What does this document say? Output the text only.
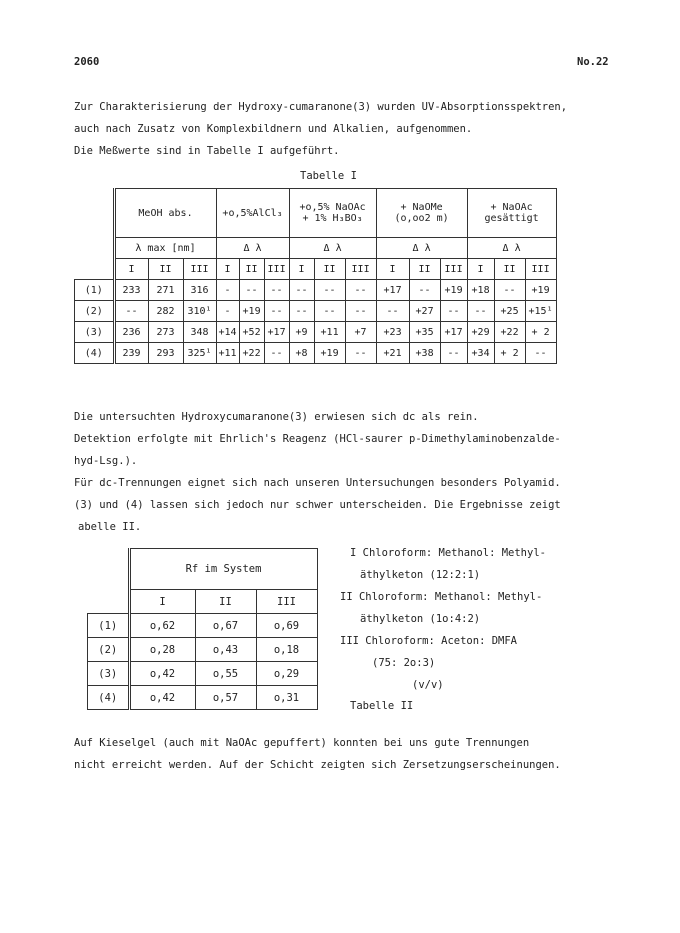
2060	No.22
Zur Charakterisierung der Hydroxy-cumaranone(3) wurden UV-Absorptionsspektren,
auch nach Zusatz von Komplexbildnern und Alkalien, aufgenommen.
Die Meßwerte sind in Tabelle I aufgeführt.
Tabelle I
	MeOH abs.			+o,5%AlCl₃			+o,5% NaOAc
+ 1% H₃BO₃			+ NaOMe
(o,oo2 m)			+ NaOAc
gesättigt		
	λ max [nm]			Δ λ			Δ λ			Δ λ			Δ λ		
	I	II	III	I	II	III	I	II	III	I	II	III	I	II	III
(1)	233	271	316	-	--	--	--	--	--	+17	--	+19	+18	--	+19
(2)	--	282	310¹	-	+19	--	--	--	--	--	+27	--	--	+25	+15¹
(3)	236	273	348	+14	+52	+17	+9	+11	+7	+23	+35	+17	+29	+22	+ 2
(4)	239	293	325¹	+11	+22	--	+8	+19	--	+21	+38	--	+34	+ 2	--
Die untersuchten Hydroxycumaranone(3) erwiesen sich dc als rein.
Detektion erfolgte mit Ehrlich's Reagenz (HCl-saurer p-Dimethylaminobenzalde-
hyd-Lsg.).
Für dc-Trennungen eignet sich nach unseren Untersuchungen besonders Polyamid.
(3) und (4) lassen sich jedoch nur schwer unterscheiden. Die Ergebnisse zeigt
abelle II.
	Rf im System		
	I	II	III
(1)	o,62	o,67	o,69
(2)	o,28	o,43	o,18
(3)	o,42	o,55	o,29
(4)	o,42	o,57	o,31
I Chloroform: Methanol: Methyl-
äthylketon (12:2:1)
II Chloroform: Methanol: Methyl-
äthylketon (1o:4:2)
III Chloroform: Aceton: DMFA
(75: 2o:3)
(v/v)
Tabelle II
Auf Kieselgel (auch mit NaOAc gepuffert) konnten bei uns gute Trennungen
nicht erreicht werden. Auf der Schicht zeigten sich Zersetzungserscheinungen.
